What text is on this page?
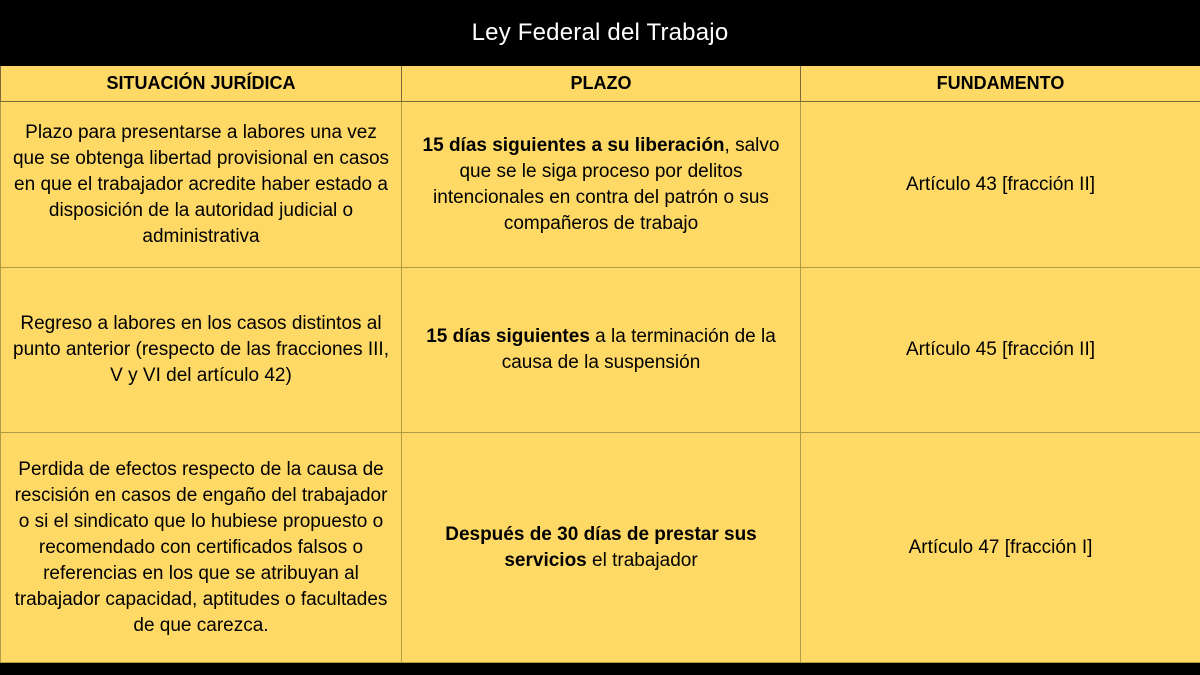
Ley Federal del Trabajo
SITUACIÓN JURÍDICA	PLAZO	FUNDAMENTO
Plazo para presentarse a labores una vez que se obtenga libertad provisional en casos en que el trabajador acredite haber estado a disposición de la autoridad judicial o administrativa	15 días siguientes a su liberación, salvo que se le siga proceso por delitos intencionales en contra del patrón o sus compañeros de trabajo	Artículo 43 [fracción II]
Regreso a labores en los casos distintos al punto anterior (respecto de las fracciones III, V y VI del artículo 42)	15 días siguientes a la terminación de la causa de la suspensión	Artículo 45 [fracción II]
Perdida de efectos respecto de la causa de rescisión en casos de engaño del trabajador o si el sindicato que lo hubiese propuesto o recomendado con certificados falsos o referencias en los que se atribuyan al trabajador capacidad, aptitudes o facultades de que carezca.	Después de 30 días de prestar sus servicios el trabajador	Artículo 47 [fracción I]
